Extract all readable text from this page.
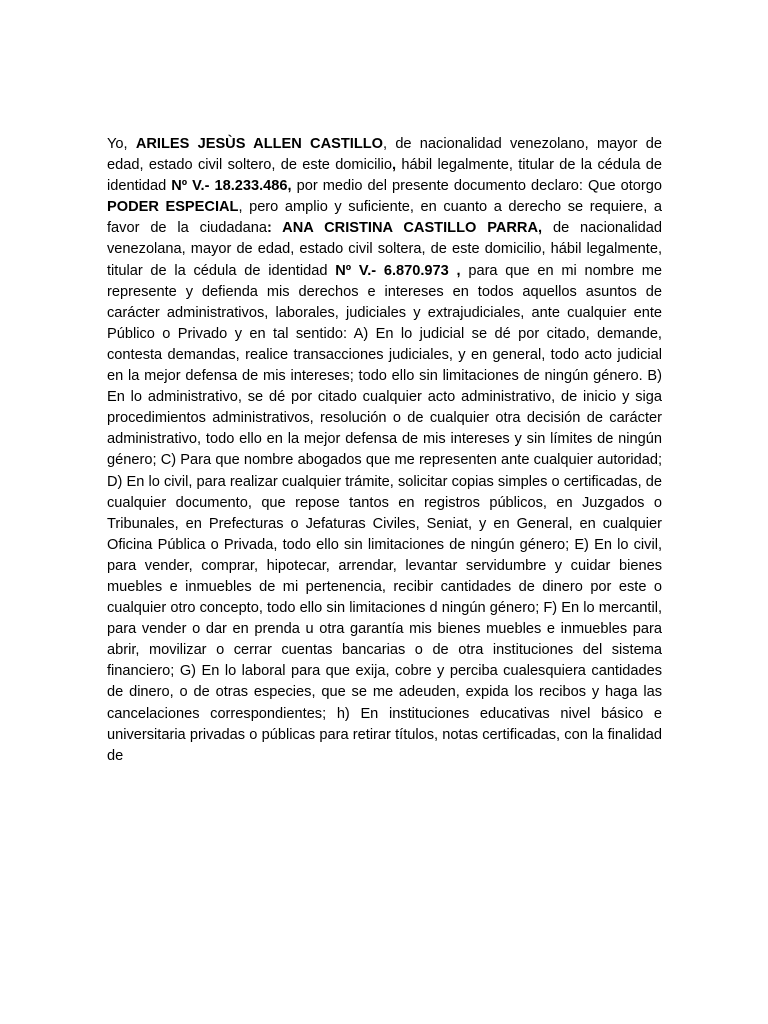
Yo, ARILES JESÙS ALLEN CASTILLO, de nacionalidad venezolano, mayor de edad, estado civil soltero, de este domicilio, hábil legalmente, titular de la cédula de identidad Nº V.- 18.233.486, por medio del presente documento declaro: Que otorgo PODER ESPECIAL, pero amplio y suficiente, en cuanto a derecho se requiere, a favor de la ciudadana: ANA CRISTINA CASTILLO PARRA, de nacionalidad venezolana, mayor de edad, estado civil soltera, de este domicilio, hábil legalmente, titular de la cédula de identidad Nº V.- 6.870.973 , para que en mi nombre me represente y defienda mis derechos e intereses en todos aquellos asuntos de carácter administrativos, laborales, judiciales y extrajudiciales, ante cualquier ente Público o Privado y en tal sentido: A) En lo judicial se dé por citado, demande, contesta demandas, realice transacciones judiciales, y en general, todo acto judicial en la mejor defensa de mis intereses; todo ello sin limitaciones de ningún género. B) En lo administrativo, se dé por citado cualquier acto administrativo, de inicio y siga procedimientos administrativos, resolución o de cualquier otra decisión de carácter administrativo, todo ello en la mejor defensa de mis intereses y sin límites de ningún género; C) Para que nombre abogados que me representen ante cualquier autoridad; D) En lo civil, para realizar cualquier trámite, solicitar copias simples o certificadas, de cualquier documento, que repose tantos en registros públicos, en Juzgados o Tribunales, en Prefecturas o Jefaturas Civiles, Seniat, y en General, en cualquier Oficina Pública o Privada, todo ello sin limitaciones de ningún género; E) En lo civil, para vender, comprar, hipotecar, arrendar, levantar servidumbre y cuidar bienes muebles e inmuebles de mi pertenencia, recibir cantidades de dinero por este o cualquier otro concepto, todo ello sin limitaciones d ningún género; F) En lo mercantil, para vender o dar en prenda u otra garantía mis bienes muebles e inmuebles para abrir, movilizar o cerrar cuentas bancarias o de otra instituciones del sistema financiero; G) En lo laboral para que exija, cobre y perciba cualesquiera cantidades de dinero, o de otras especies, que se me adeuden, expida los recibos y haga las cancelaciones correspondientes; h) En instituciones educativas nivel básico e universitaria privadas o públicas para retirar títulos, notas certificadas, con la finalidad de
